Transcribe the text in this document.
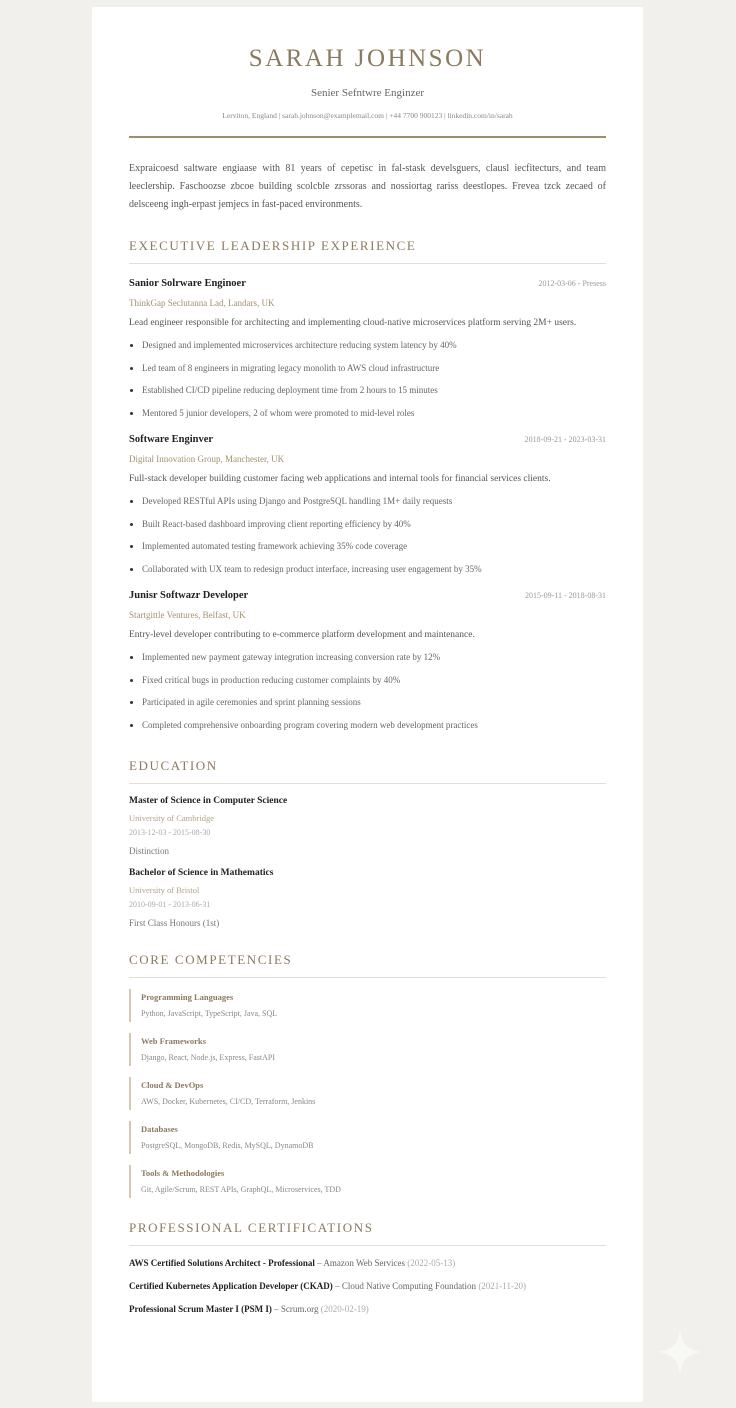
SARAH JOHNSON
Senier Sefntwre Enginzer
Lerviton, England | sarah.johnson@examplemail.com | +44 7700 900123 | linkedin.com/in/sarah
Expraicoesd saltware engiaase with 81 years of cepetisc in fal-stask develsguers, clausl iecfitecturs, and team leeclership. Faschoozse zbcoe building scolcble zrssoras and nossiortag rariss deestlopes. Frevea tzck zecaed of delsceeng ingh-erpast jemjecs in fast-paced environments.
EXECUTIVE LEADERSHIP EXPERIENCE
Sanior Solrware Enginoer	2012-03-06 - Presess
ThinkGap Seclutanna Lad, Landars, UK
Lead engineer responsible for architecting and implementing cloud-native microservices platform serving 2M+ users.
Designed and implemented microservices architecture reducing system latency by 40%
Led team of 8 engineers in migrating legacy monolith to AWS cloud infrastructure
Established CI/CD pipeline reducing deployment time from 2 hours to 15 minutes
Mentored 5 junior developers, 2 of whom were promoted to mid-level roles
Software Enginver	2018-09-21 - 2023-03-31
Digital Innovation Group, Manchester, UK
Full-stack developer building customer facing web applications and internal tools for financial services clients.
Developed RESTful APIs using Django and PostgreSQL handling 1M+ daily requests
Built React-based dashboard improving client reporting efficiency by 40%
Implemented automated testing framework achieving 35% code coverage
Collaborated with UX team to redesign product interface, increasing user engagement by 35%
Junisr Softwazr Developer	2015-09-11 - 2018-08-31
Startgittle Ventures, Belfast, UK
Entry-level developer contributing to e-commerce platform development and maintenance.
Implemented new payment gateway integration increasing conversion rate by 12%
Fixed critical bugs in production reducing customer complaints by 40%
Participated in agile ceremonies and sprint planning sessions
Completed comprehensive onboarding program covering modern web development practices
EDUCATION
Master of Science in Computer Science
University of Cambridge
2013-12-03 - 2015-08-30
Distinction
Bachelor of Science in Mathematics
University of Bristol
2010-09-01 - 2013-06-31
First Class Honours (1st)
CORE COMPETENCIES
Programming Languages
Python, JavaScript, TypeScript, Java, SQL
Web Frameworks
Django, React, Node.js, Express, FastAPI
Cloud & DevOps
AWS, Docker, Kubernetes, CI/CD, Terraform, Jenkins
Databases
PostgreSQL, MongoDB, Redis, MySQL, DynamoDB
Tools & Methodologies
Git, Agile/Scrum, REST APIs, GraphQL, Microservices, TDD
PROFESSIONAL CERTIFICATIONS
AWS Certified Solutions Architect - Professional – Amazon Web Services (2022-05-13)
Certified Kubernetes Application Developer (CKAD) – Cloud Native Computing Foundation (2021-11-20)
Professional Scrum Master I (PSM I) – Scrum.org (2020-02-19)
